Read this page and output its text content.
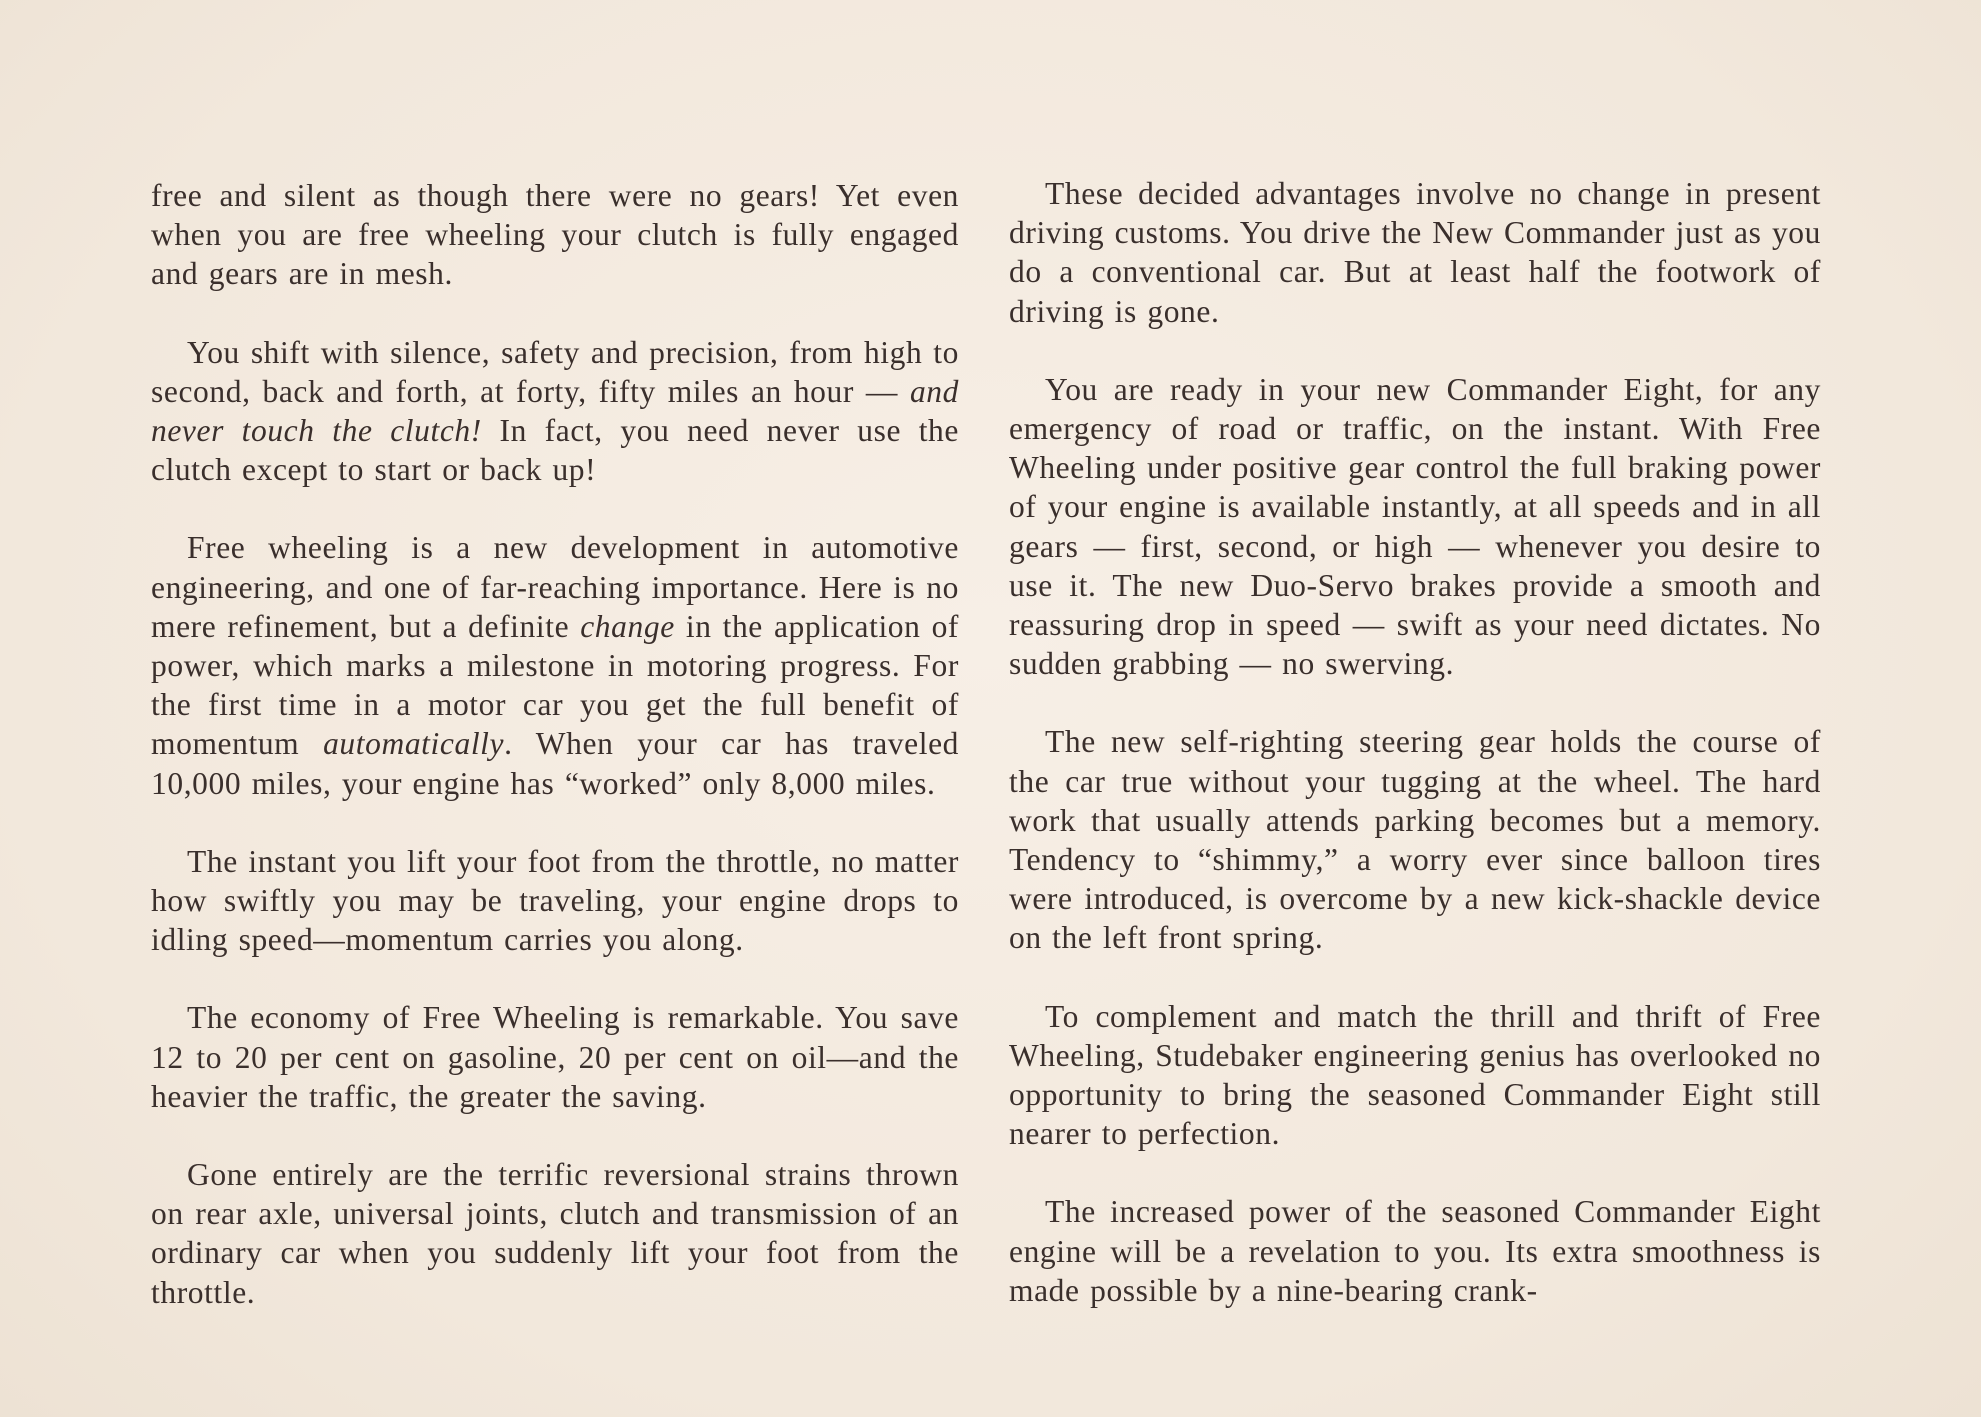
free and silent as though there were no gears! Yet even when you are free wheeling your clutch is fully engaged and gears are in mesh.

You shift with silence, safety and precision, from high to second, back and forth, at forty, fifty miles an hour — and never touch the clutch! In fact, you need never use the clutch except to start or back up!

Free wheeling is a new development in automotive engineering, and one of far-reaching importance. Here is no mere refinement, but a definite change in the application of power, which marks a milestone in motoring progress. For the first time in a motor car you get the full benefit of momentum automatically. When your car has traveled 10,000 miles, your engine has “worked” only 8,000 miles.

The instant you lift your foot from the throttle, no matter how swiftly you may be traveling, your engine drops to idling speed—momentum carries you along.

The economy of Free Wheeling is remarkable. You save 12 to 20 per cent on gasoline, 20 per cent on oil—and the heavier the traffic, the greater the saving.

Gone entirely are the terrific reversional strains thrown on rear axle, universal joints, clutch and transmission of an ordinary car when you suddenly lift your foot from the throttle.

These decided advantages involve no change in present driving customs. You drive the New Commander just as you do a conventional car. But at least half the footwork of driving is gone.

You are ready in your new Commander Eight, for any emergency of road or traffic, on the instant. With Free Wheeling under positive gear control the full braking power of your engine is available instantly, at all speeds and in all gears — first, second, or high — whenever you desire to use it. The new Duo-Servo brakes provide a smooth and reassuring drop in speed — swift as your need dictates. No sudden grabbing — no swerving.

The new self-righting steering gear holds the course of the car true without your tugging at the wheel. The hard work that usually attends parking becomes but a memory. Tendency to “shimmy,” a worry ever since balloon tires were introduced, is overcome by a new kick-shackle device on the left front spring.

To complement and match the thrill and thrift of Free Wheeling, Studebaker engineering genius has overlooked no opportunity to bring the seasoned Commander Eight still nearer to perfection.

The increased power of the seasoned Commander Eight engine will be a revelation to you. Its extra smoothness is made possible by a nine-bearing crank-
